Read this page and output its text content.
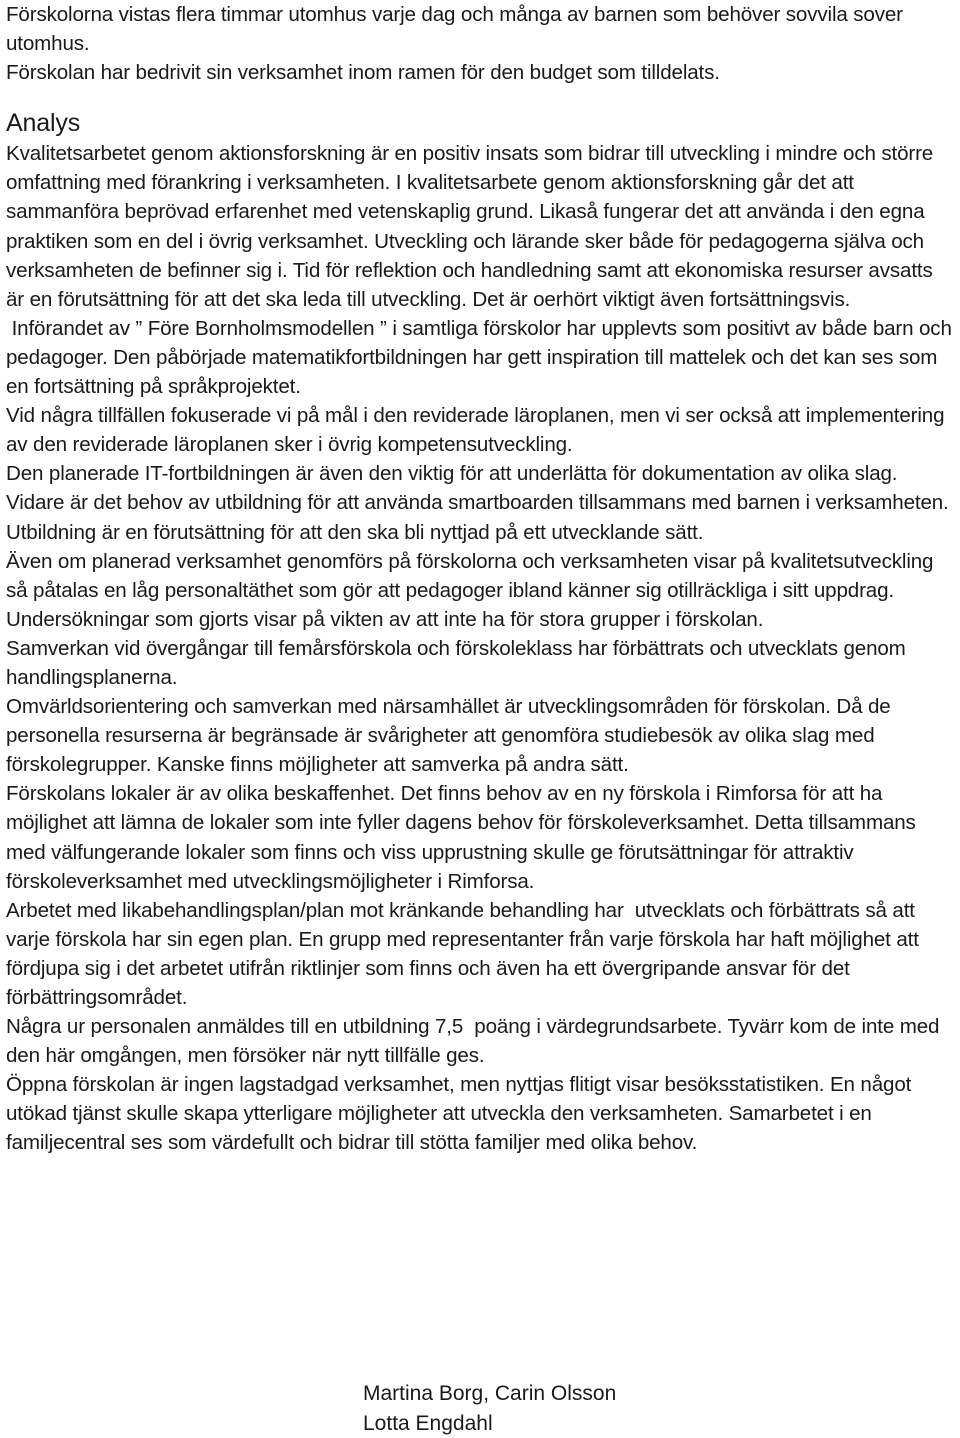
Förskolorna vistas flera timmar utomhus varje dag och många av barnen som behöver sovvila sover utomhus.

Förskolan har bedrivit sin verksamhet inom ramen för den budget som tilldelats.

Analys

Kvalitetsarbetet genom aktionsforskning är en positiv insats som bidrar till utveckling i mindre och större omfattning med förankring i verksamheten. I kvalitetsarbete genom aktionsforskning går det att sammanföra beprövad erfarenhet med vetenskaplig grund. Likaså fungerar det att använda i den egna praktiken som en del i övrig verksamhet. Utveckling och lärande sker både för pedagogerna själva och verksamheten de befinner sig i. Tid för reflektion och handledning samt att ekonomiska resurser avsatts är en förutsättning för att det ska leda till utveckling. Det är oerhört viktigt även fortsättningsvis.

Införandet av ” Före Bornholmsmodellen ” i samtliga förskolor har upplevts som positivt av både barn och pedagoger. Den påbörjade matematikfortbildningen har gett inspiration till mattelek och det kan ses som en fortsättning på språkprojektet.

Vid några tillfällen fokuserade vi på mål i den reviderade läroplanen, men vi ser också att implementering av den reviderade läroplanen sker i övrig kompetensutveckling.

Den planerade IT-fortbildningen är även den viktig för att underlätta för dokumentation av olika slag. Vidare är det behov av utbildning för att använda smartboarden tillsammans med barnen i verksamheten. Utbildning är en förutsättning för att den ska bli nyttjad på ett utvecklande sätt.

Även om planerad verksamhet genomförs på förskolorna och verksamheten visar på kvalitetsutveckling så påtalas en låg personaltäthet som gör att pedagoger ibland känner sig otillräckliga i sitt uppdrag. Undersökningar som gjorts visar på vikten av att inte ha för stora grupper i förskolan.

Samverkan vid övergångar till femårsförskola och förskoleklass har förbättrats och utvecklats genom handlingsplanerna.

Omvärldsorientering och samverkan med närsamhället är utvecklingsområden för förskolan. Då de personella resurserna är begränsade är svårigheter att genomföra studiebesök av olika slag med förskolegrupper. Kanske finns möjligheter att samverka på andra sätt.

Förskolans lokaler är av olika beskaffenhet. Det finns behov av en ny förskola i Rimforsa för att ha möjlighet att lämna de lokaler som inte fyller dagens behov för förskoleverksamhet. Detta tillsammans med välfungerande lokaler som finns och viss upprustning skulle ge förutsättningar för attraktiv förskoleverksamhet med utvecklingsmöjligheter i Rimforsa.

Arbetet med likabehandlingsplan/plan mot kränkande behandling har  utvecklats och förbättrats så att varje förskola har sin egen plan. En grupp med representanter från varje förskola har haft möjlighet att  fördjupa sig i det arbetet utifrån riktlinjer som finns och även ha ett övergripande ansvar för det förbättringsområdet.

Några ur personalen anmäldes till en utbildning 7,5  poäng i värdegrundsarbete. Tyvärr kom de inte med den här omgången, men försöker när nytt tillfälle ges.

Öppna förskolan är ingen lagstadgad verksamhet, men nyttjas flitigt visar besöksstatistiken. En något utökad tjänst skulle skapa ytterligare möjligheter att utveckla den verksamheten. Samarbetet i en familjecentral ses som värdefullt och bidrar till stötta familjer med olika behov.

Martina Borg, Carin Olsson
Lotta Engdahl
